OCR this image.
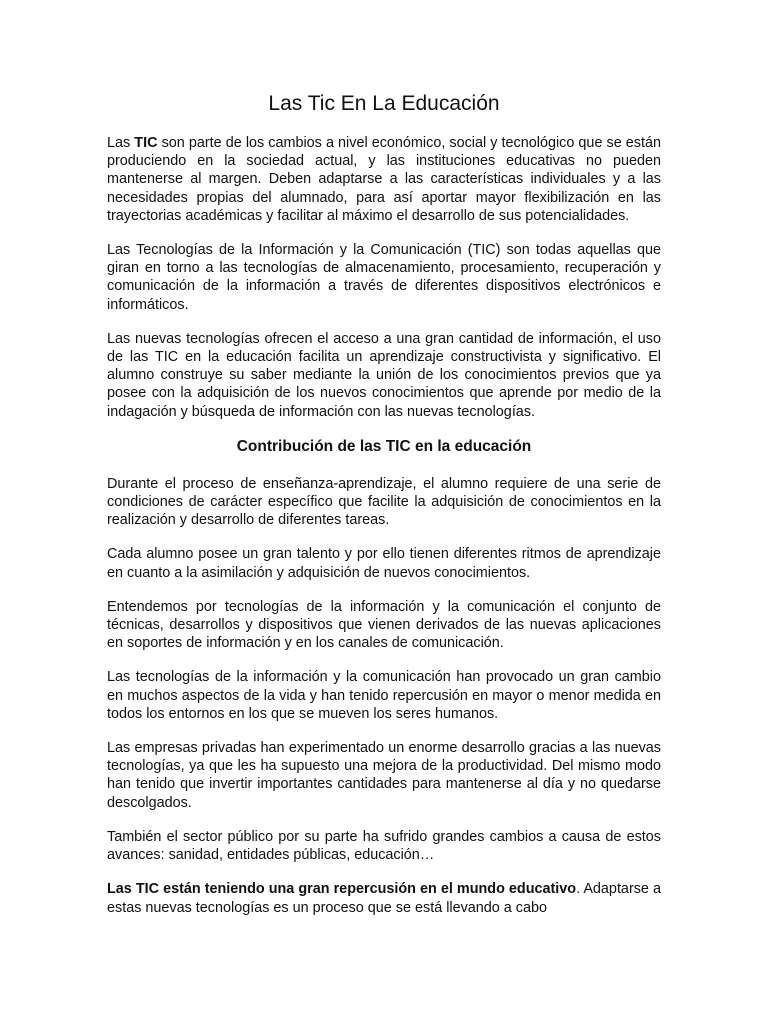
Las Tic En La Educación

Las TIC son parte de los cambios a nivel económico, social y tecnológico que se están produciendo en la sociedad actual, y las instituciones educativas no pueden mantenerse al margen. Deben adaptarse a las características individuales y a las necesidades propias del alumnado, para así aportar mayor flexibilización en las trayectorias académicas y facilitar al máximo el desarrollo de sus potencialidades.

Las Tecnologías de la Información y la Comunicación (TIC) son todas aquellas que giran en torno a las tecnologías de almacenamiento, procesamiento, recuperación y comunicación de la información a través de diferentes dispositivos electrónicos e informáticos.

Las nuevas tecnologías ofrecen el acceso a una gran cantidad de información, el uso de las TIC en la educación facilita un aprendizaje constructivista y significativo. El alumno construye su saber mediante la unión de los conocimientos previos que ya posee con la adquisición de los nuevos conocimientos que aprende por medio de la indagación y búsqueda de información con las nuevas tecnologías.

Contribución de las TIC en la educación

Durante el proceso de enseñanza-aprendizaje, el alumno requiere de una serie de condiciones de carácter específico que facilite la adquisición de conocimientos en la realización y desarrollo de diferentes tareas.

Cada alumno posee un gran talento y por ello tienen diferentes ritmos de aprendizaje en cuanto a la asimilación y adquisición de nuevos conocimientos.

Entendemos por tecnologías de la información y la comunicación el conjunto de técnicas, desarrollos y dispositivos que vienen derivados de las nuevas aplicaciones en soportes de información y en los canales de comunicación.

Las tecnologías de la información y la comunicación han provocado un gran cambio en muchos aspectos de la vida y han tenido repercusión en mayor o menor medida en todos los entornos en los que se mueven los seres humanos.

Las empresas privadas han experimentado un enorme desarrollo gracias a las nuevas tecnologías, ya que les ha supuesto una mejora de la productividad. Del mismo modo han tenido que invertir importantes cantidades para mantenerse al día y no quedarse descolgados.

También el sector público por su parte ha sufrido grandes cambios a causa de estos avances: sanidad, entidades públicas, educación…

Las TIC están teniendo una gran repercusión en el mundo educativo. Adaptarse a estas nuevas tecnologías es un proceso que se está llevando a cabo
